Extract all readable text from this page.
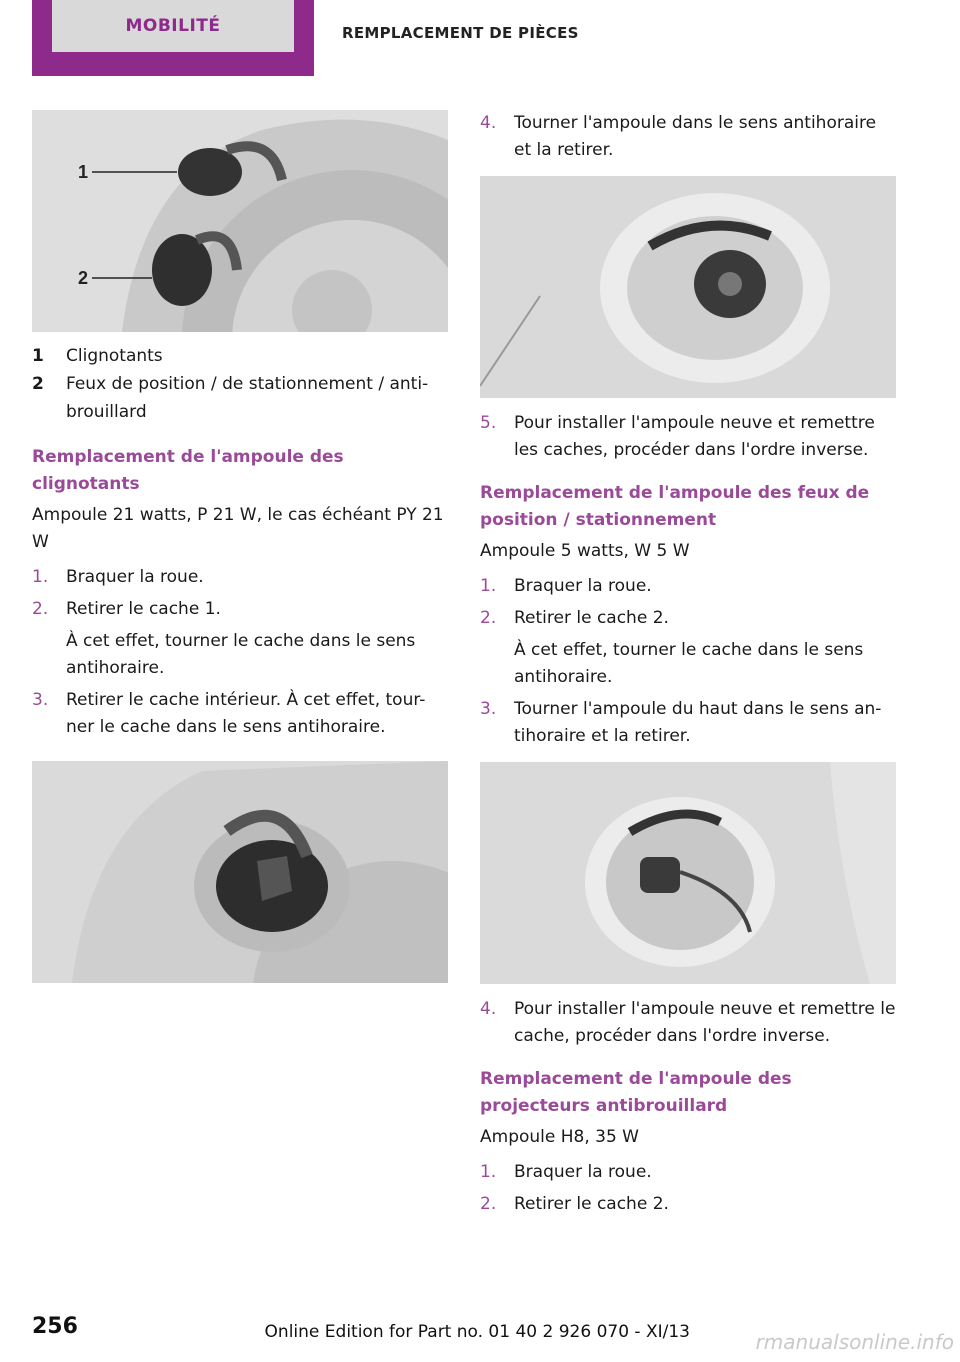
MOBILITÉ	REMPLACEMENT DE PIÈCES
1
2
1	Clignotants
2	Feux de position / de stationnement / anti-brouillard
Remplacement de l'ampoule des clignotants

Ampoule 21 watts, P 21 W, le cas échéant PY 21 W

1.	Braquer la roue.
2.	Retirer le cache 1.
À cet effet, tourner le cache dans le sens antihoraire.
3.	Retirer le cache intérieur. À cet effet, tour-ner le cache dans le sens antihoraire.
4.	Tourner l'ampoule dans le sens antihoraire et la retirer.
5.	Pour installer l'ampoule neuve et remettre les caches, procéder dans l'ordre inverse.
Remplacement de l'ampoule des feux de position / stationnement

Ampoule 5 watts, W 5 W

1.	Braquer la roue.
2.	Retirer le cache 2.
À cet effet, tourner le cache dans le sens antihoraire.
3.	Tourner l'ampoule du haut dans le sens an-tihoraire et la retirer.
4.	Pour installer l'ampoule neuve et remettre le cache, procéder dans l'ordre inverse.
Remplacement de l'ampoule des projecteurs antibrouillard

Ampoule H8, 35 W

1.	Braquer la roue.
2.	Retirer le cache 2.
256	Online Edition for Part no. 01 40 2 926 070 - XI/13	rmanualsonline.info
